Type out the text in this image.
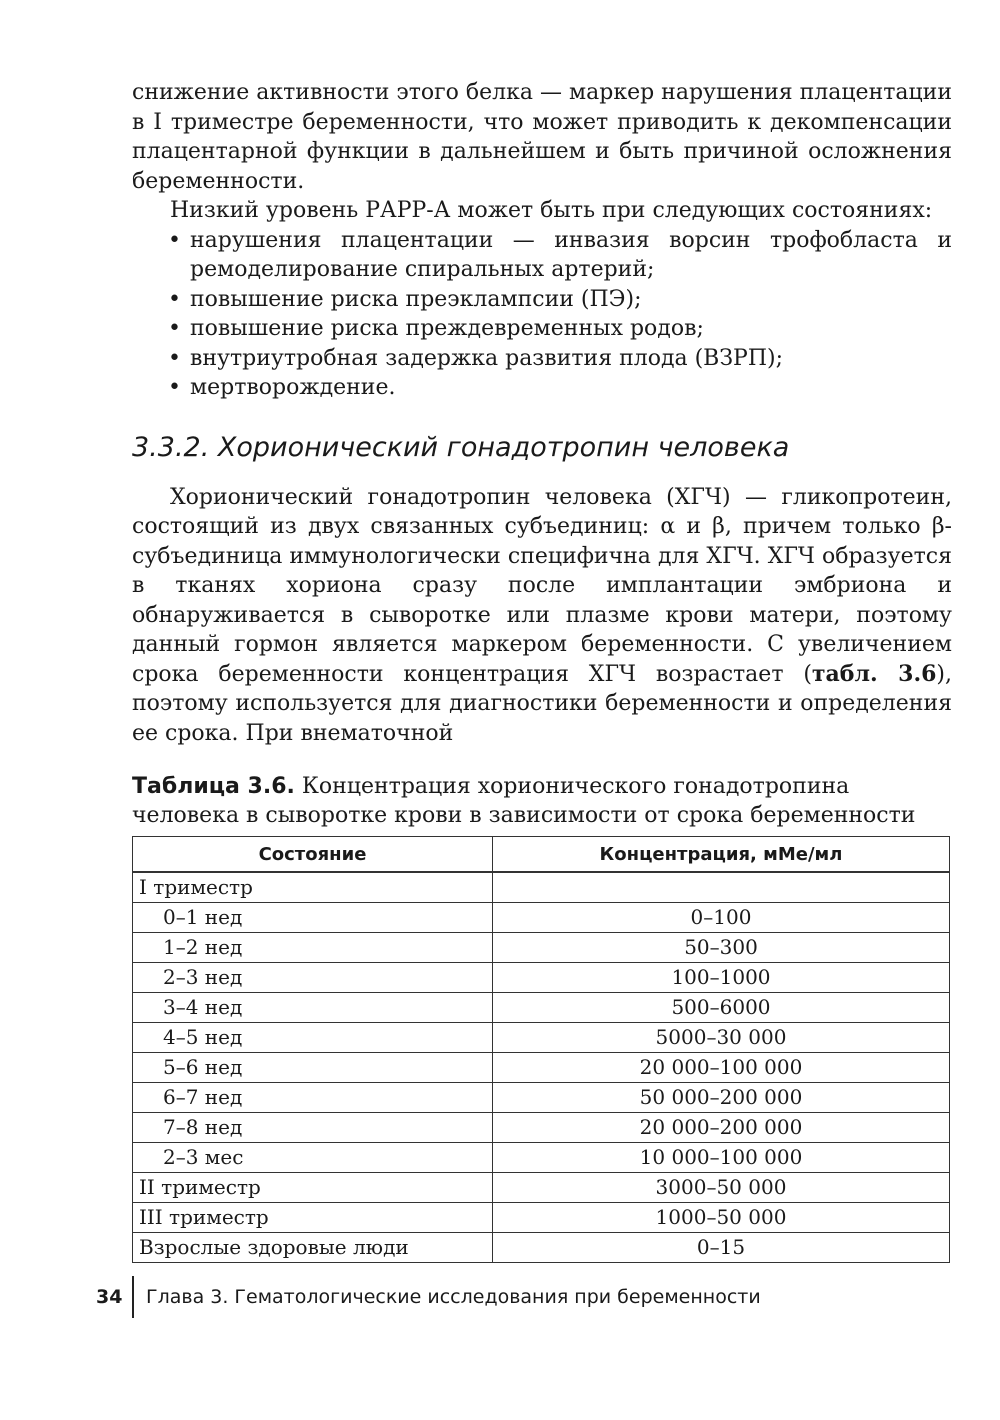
снижение активности этого белка — маркер нарушения плацентации в I триместре беременности, что может приводить к декомпенсации плацентарной функции в дальнейшем и быть причиной осложнения беременности.

Низкий уровень РАРР-А может быть при следующих состояниях:

• нарушения плацентации — инвазия ворсин трофобласта и ремоделирование спиральных артерий;
• повышение риска преэклампсии (ПЭ);
• повышение риска преждевременных родов;
• внутриутробная задержка развития плода (ВЗРП);
• мертворождение.
3.3.2. Хорионический гонадотропин человека

Хорионический гонадотропин человека (ХГЧ) — гликопротеин, состоящий из двух связанных субъединиц: α и β, причем только β-субъединица иммунологически специфична для ХГЧ. ХГЧ образуется в тканях хориона сразу после имплантации эмбриона и обнаруживается в сыворотке или плазме крови матери, поэтому данный гормон является маркером беременности. С увеличением срока беременности концентрация ХГЧ возрастает (табл. 3.6), поэтому используется для диагностики беременности и определения ее срока. При внематочной

Таблица 3.6. Концентрация хорионического гонадотропина человека в сыворотке крови в зависимости от срока беременности

Состояние	Концентрация, мМе/мл
I триместр	
0–1 нед	0–100
1–2 нед	50–300
2–3 нед	100–1000
3–4 нед	500–6000
4–5 нед	5000–30 000
5–6 нед	20 000–100 000
6–7 нед	50 000–200 000
7–8 нед	20 000–200 000
2–3 мес	10 000–100 000
II триместр	3000–50 000
III триместр	1000–50 000
Взрослые здоровые люди	0–15
34 Глава 3. Гематологические исследования при беременности
